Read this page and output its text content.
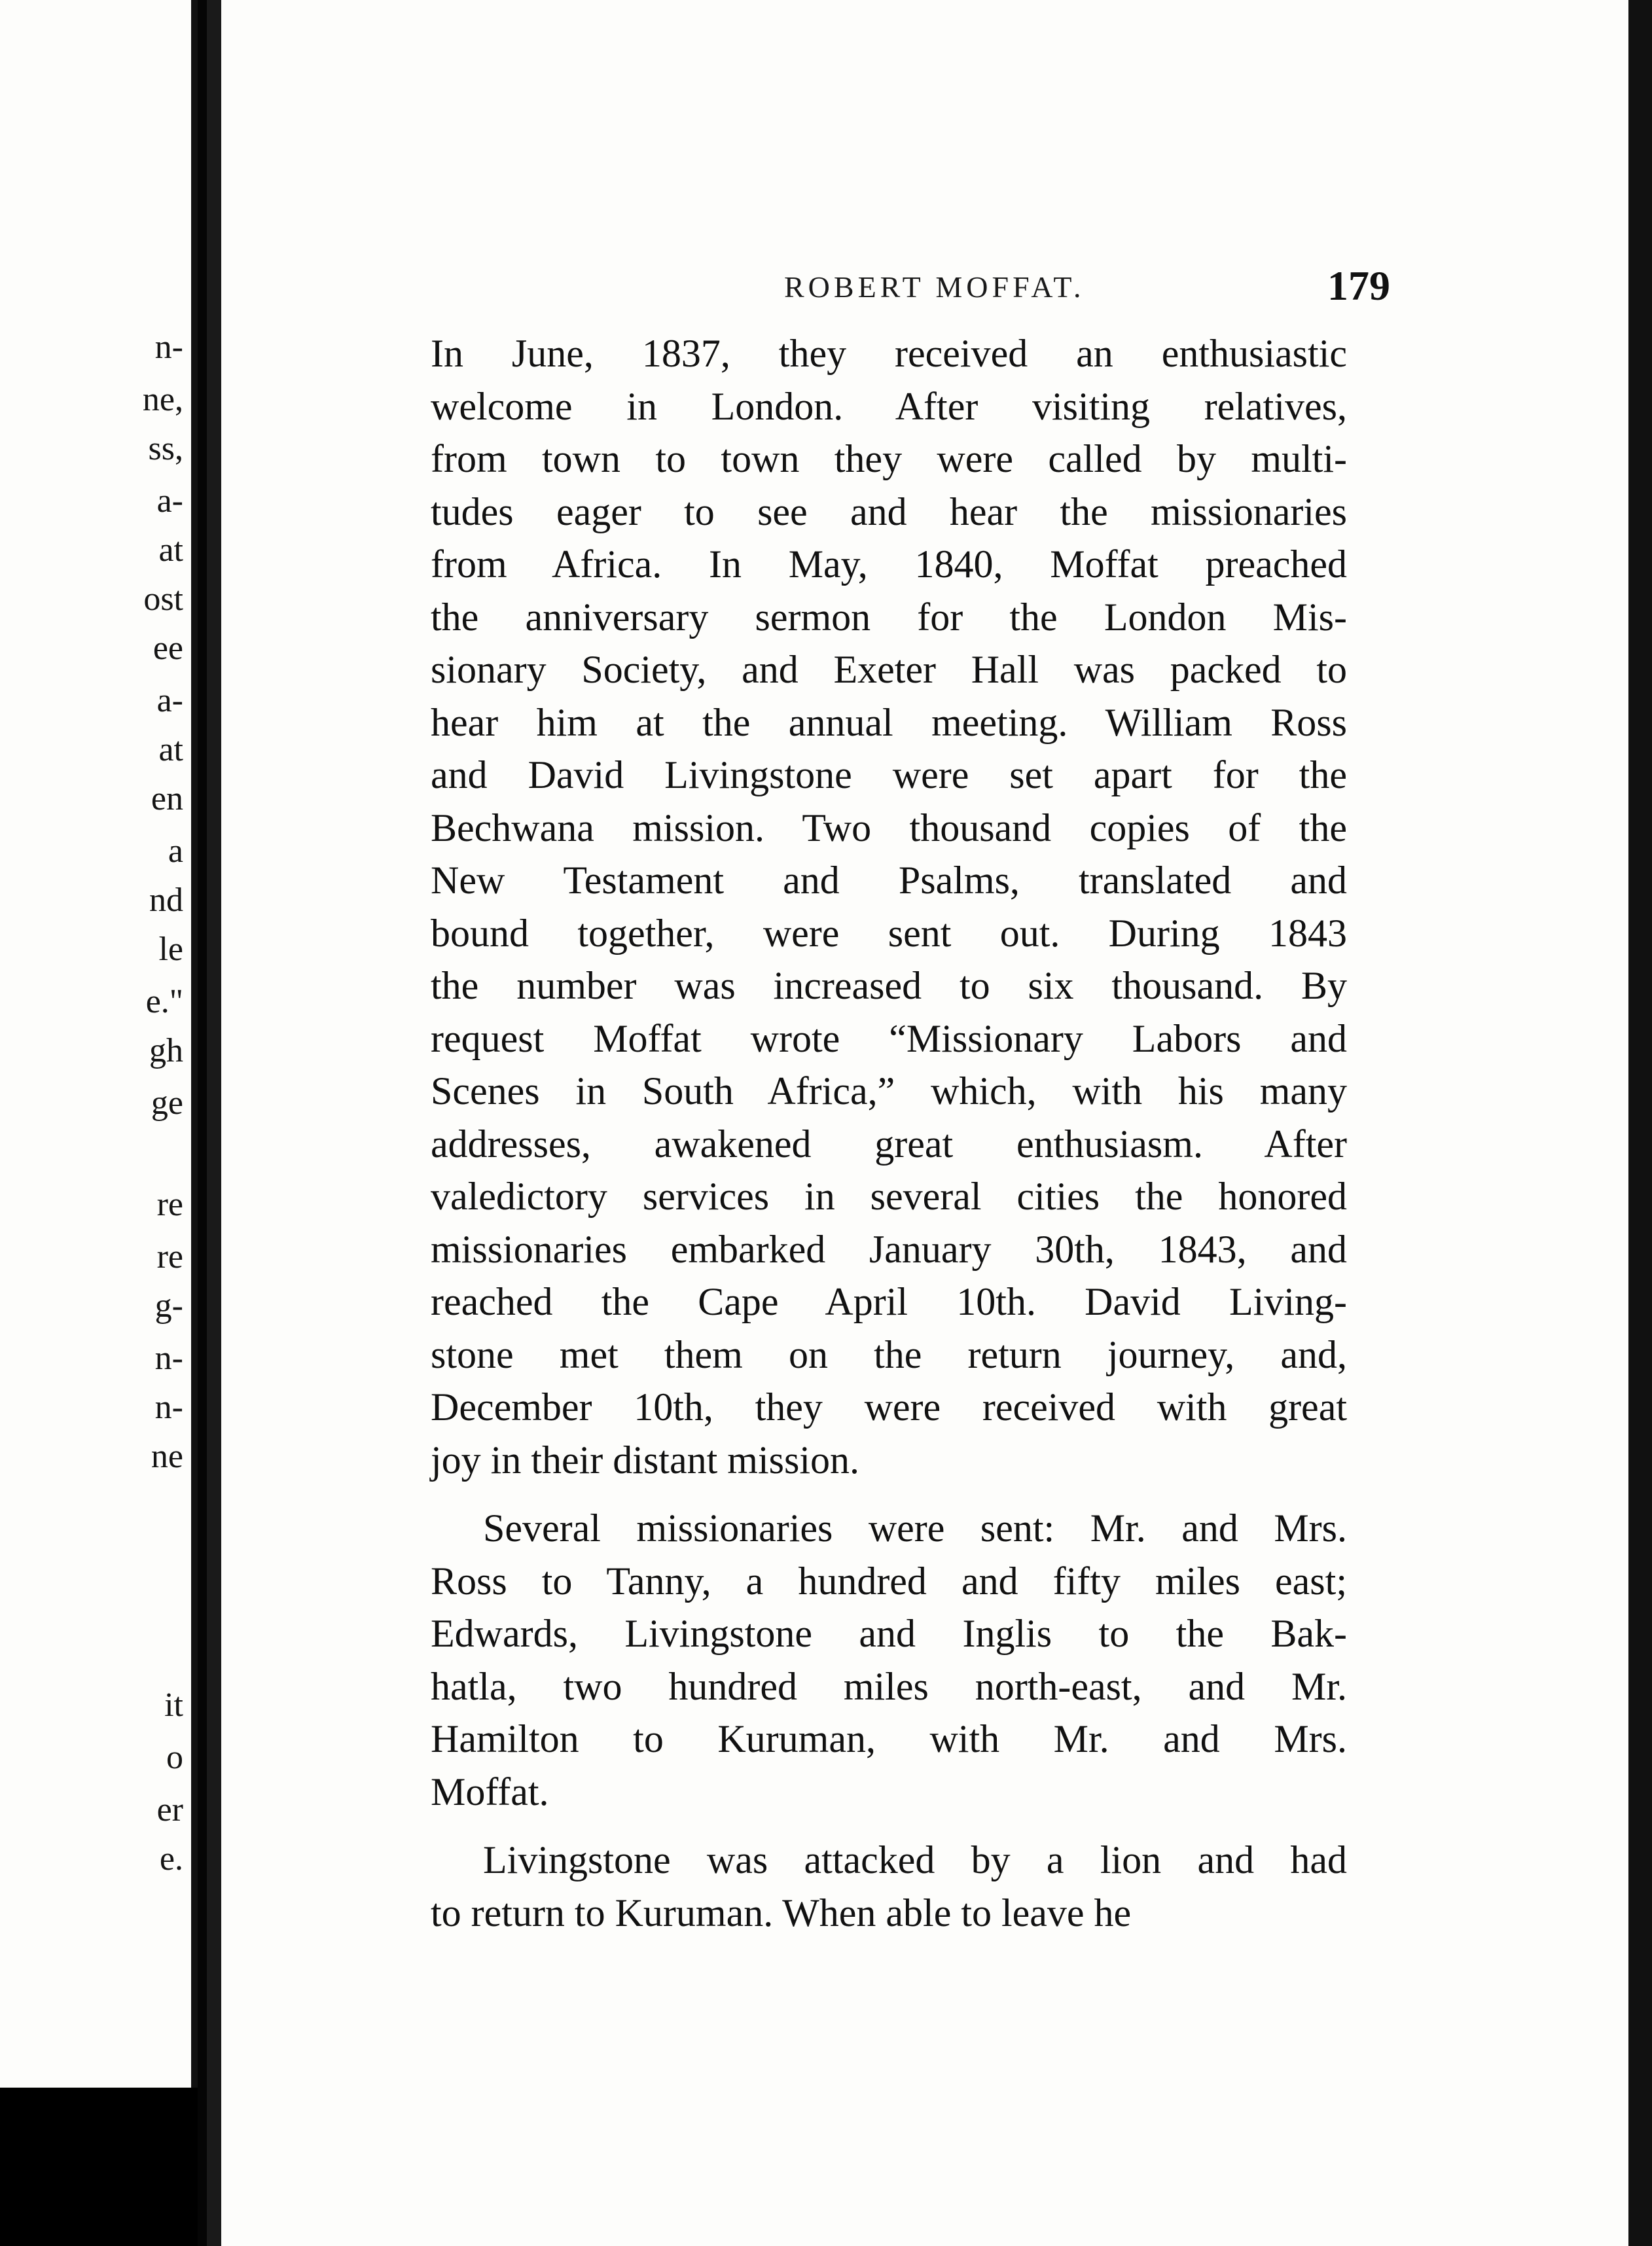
n-
ne,
ss,
a-
at
ost
ee
a-
at
en
a
nd
le
e."
gh
ge
re
re
g-
n-
n-
ne
it
o
er
e.
ROBERT MOFFAT.	179
In June, 1837, they received an enthusiastic
welcome in London. After visiting relatives,
from town to town they were called by multi-
tudes eager to see and hear the missionaries
from Africa. In May, 1840, Moffat preached
the anniversary sermon for the London Mis-
sionary Society, and Exeter Hall was packed to
hear him at the annual meeting. William Ross
and David Livingstone were set apart for the
Bechwana mission. Two thousand copies of the
New Testament and Psalms, translated and
bound together, were sent out. During 1843
the number was increased to six thousand. By
request Moffat wrote “Missionary Labors and
Scenes in South Africa,” which, with his many
addresses, awakened great enthusiasm. After
valedictory services in several cities the honored
missionaries embarked January 30th, 1843, and
reached the Cape April 10th. David Living-
stone met them on the return journey, and,
December 10th, they were received with great
joy in their distant mission.
Several missionaries were sent: Mr. and Mrs.
Ross to Tanny, a hundred and fifty miles east;
Edwards, Livingstone and Inglis to the Bak-
hatla, two hundred miles north-east, and Mr.
Hamilton to Kuruman, with Mr. and Mrs.
Moffat.
Livingstone was attacked by a lion and had
to return to Kuruman. When able to leave he
